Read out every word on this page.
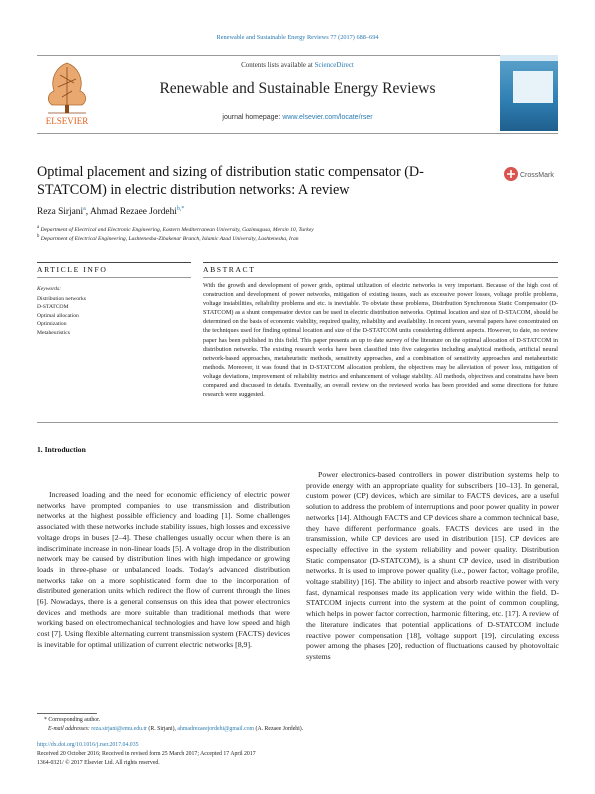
Renewable and Sustainable Energy Reviews 77 (2017) 688–694
ELSEVIER
Contents lists available at ScienceDirect
Renewable and Sustainable Energy Reviews
journal homepage: www.elsevier.com/locate/rser
CrossMark
Optimal placement and sizing of distribution static compensator (D-STATCOM) in electric distribution networks: A review
Reza Sirjani$^a$, Ahmad Rezaee Jordehi$^{b,*}$
$^a$ Department of Electrical and Electronic Engineering, Eastern Mediterranean University, Gazimagusa, Mersin 10, Turkey
$^b$ Department of Electrical Engineering, Lashtenesha-Zibakenar Branch, Islamic Azad University, Lashtenesha, Iran
ARTICLE INFO	ABSTRACT
Keywords:
Distribution networks
D-STATCOM
Optimal allocation
Optimization
Metaheuristics
With the growth and development of power grids, optimal utilization of electric networks is very important. Because of the high cost of construction and development of power networks, mitigation of existing issues, such as excessive power losses, voltage profile problems, voltage instabilities, reliability problems and etc. is inevitable. To obviate these problems, Distribution Synchronous Static Compensator (D-STATCOM) as a shunt compensator device can be used in electric distribution networks. Optimal location and size of D-STACOM, should be determined on the basis of economic viability, required quality, reliability and availability. In recent years, several papers have concentrated on the techniques used for finding optimal location and size of the D-STATCOM units considering different aspects. However, to date, no review paper has been published in this field. This paper presents an up to date survey of the literature on the optimal allocation of D-STATCOM in distribution networks. The existing research works have been classified into five categories including analytical methods, artificial neural network-based approaches, metaheuristic methods, sensitivity approaches, and a combination of sensitivity approaches and metaheuristic methods. Moreover, it was found that in D-STATCOM allocation problem, the objectives may be alleviation of power loss, mitigation of voltage deviations, improvement of reliability metrics and enhancement of voltage stability. All methods, objectives and constrains have been compared and discussed in details. Eventually, an overall review on the reviewed works has been provided and some directions for future research were suggested.
1. Introduction
Increased loading and the need for economic efficiency of electric power networks have prompted companies to use transmission and distribution networks at the highest possible efficiency and loading [1]. Some challenges associated with these networks include stability issues, high losses and excessive voltage drops in buses [2–4]. These challenges usually occur when there is an indiscriminate increase in non-linear loads [5]. A voltage drop in the distribution network may be caused by distribution lines with high impedance or growing loads in three-phase or unbalanced loads. Today's advanced distribution networks take on a more sophisticated form due to the incorporation of distributed generation units which redirect the flow of current through the lines [6]. Nowadays, there is a general consensus on this idea that power electronics devices and methods are more suitable than traditional methods that were working based on electromechanical technologies and have low speed and high cost [7]. Using flexible alternating current transmission system (FACTS) devices is inevitable for optimal utilization of current electric networks [8,9].
Power electronics-based controllers in power distribution systems help to provide energy with an appropriate quality for subscribers [10–13]. In general, custom power (CP) devices, which are similar to FACTS devices, are a useful solution to address the problem of interruptions and poor power quality in power networks [14]. Although FACTS and CP devices share a common technical base, they have different performance goals. FACTS devices are used in the transmission, while CP devices are used in distribution [15]. CP devices are especially effective in the system reliability and power quality. Distribution Static compensator (D-STATCOM), is a shunt CP device, used in distribution networks. It is used to improve power quality (i.e., power factor, voltage profile, voltage stability) [16]. The ability to inject and absorb reactive power with very fast, dynamical responses made its application very wide within the field. D-STATCOM injects current into the system at the point of common coupling, which helps in power factor correction, harmonic filtering, etc. [17]. A review of the literature indicates that potential applications of D-STATCOM include reactive power compensation [18], voltage support [19], circulating excess power among the phases [20], reduction of fluctuations caused by photovoltaic systems
* Corresponding author.
E-mail addresses: reza.sirjani@emu.edu.tr (R. Sirjani), ahmadrezaeejordehi@gmail.com (A. Rezaee Jordehi).
http://dx.doi.org/10.1016/j.rser.2017.04.035
Received 20 October 2016; Received in revised form 25 March 2017; Accepted 17 April 2017
1364-0321/ © 2017 Elsevier Ltd. All rights reserved.
